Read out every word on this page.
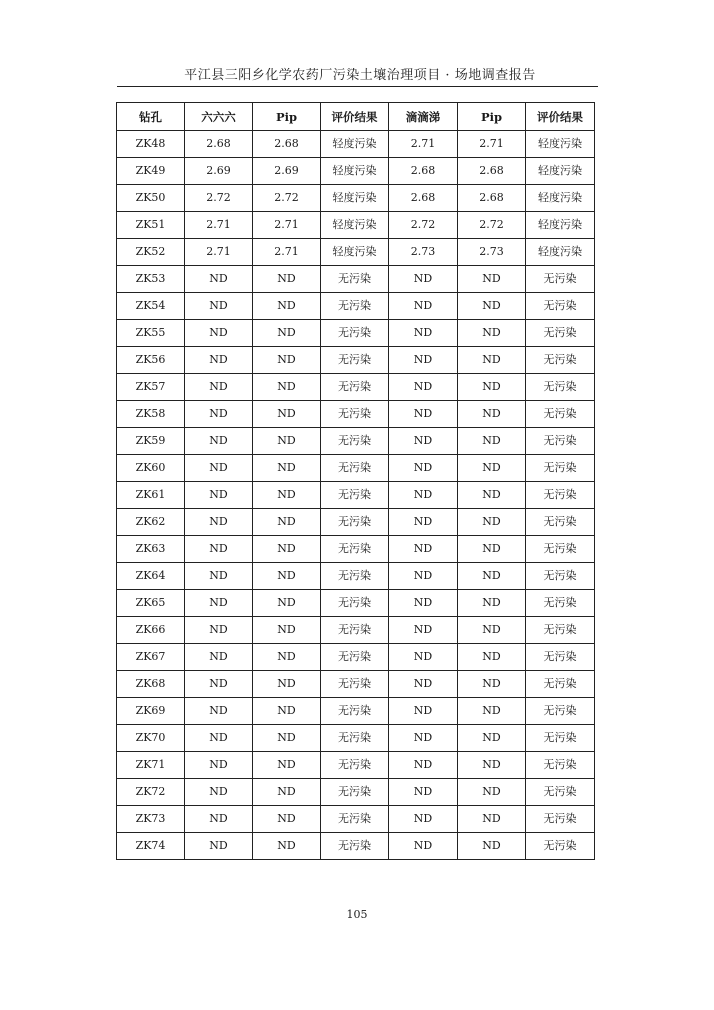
平江县三阳乡化学农药厂污染土壤治理项目 · 场地调查报告
钻孔	六六六	Pip	评价结果	滴滴涕	Pip	评价结果
ZK48	2.68	2.68	轻度污染	2.71	2.71	轻度污染
ZK49	2.69	2.69	轻度污染	2.68	2.68	轻度污染
ZK50	2.72	2.72	轻度污染	2.68	2.68	轻度污染
ZK51	2.71	2.71	轻度污染	2.72	2.72	轻度污染
ZK52	2.71	2.71	轻度污染	2.73	2.73	轻度污染
ZK53	ND	ND	无污染	ND	ND	无污染
ZK54	ND	ND	无污染	ND	ND	无污染
ZK55	ND	ND	无污染	ND	ND	无污染
ZK56	ND	ND	无污染	ND	ND	无污染
ZK57	ND	ND	无污染	ND	ND	无污染
ZK58	ND	ND	无污染	ND	ND	无污染
ZK59	ND	ND	无污染	ND	ND	无污染
ZK60	ND	ND	无污染	ND	ND	无污染
ZK61	ND	ND	无污染	ND	ND	无污染
ZK62	ND	ND	无污染	ND	ND	无污染
ZK63	ND	ND	无污染	ND	ND	无污染
ZK64	ND	ND	无污染	ND	ND	无污染
ZK65	ND	ND	无污染	ND	ND	无污染
ZK66	ND	ND	无污染	ND	ND	无污染
ZK67	ND	ND	无污染	ND	ND	无污染
ZK68	ND	ND	无污染	ND	ND	无污染
ZK69	ND	ND	无污染	ND	ND	无污染
ZK70	ND	ND	无污染	ND	ND	无污染
ZK71	ND	ND	无污染	ND	ND	无污染
ZK72	ND	ND	无污染	ND	ND	无污染
ZK73	ND	ND	无污染	ND	ND	无污染
ZK74	ND	ND	无污染	ND	ND	无污染
105
